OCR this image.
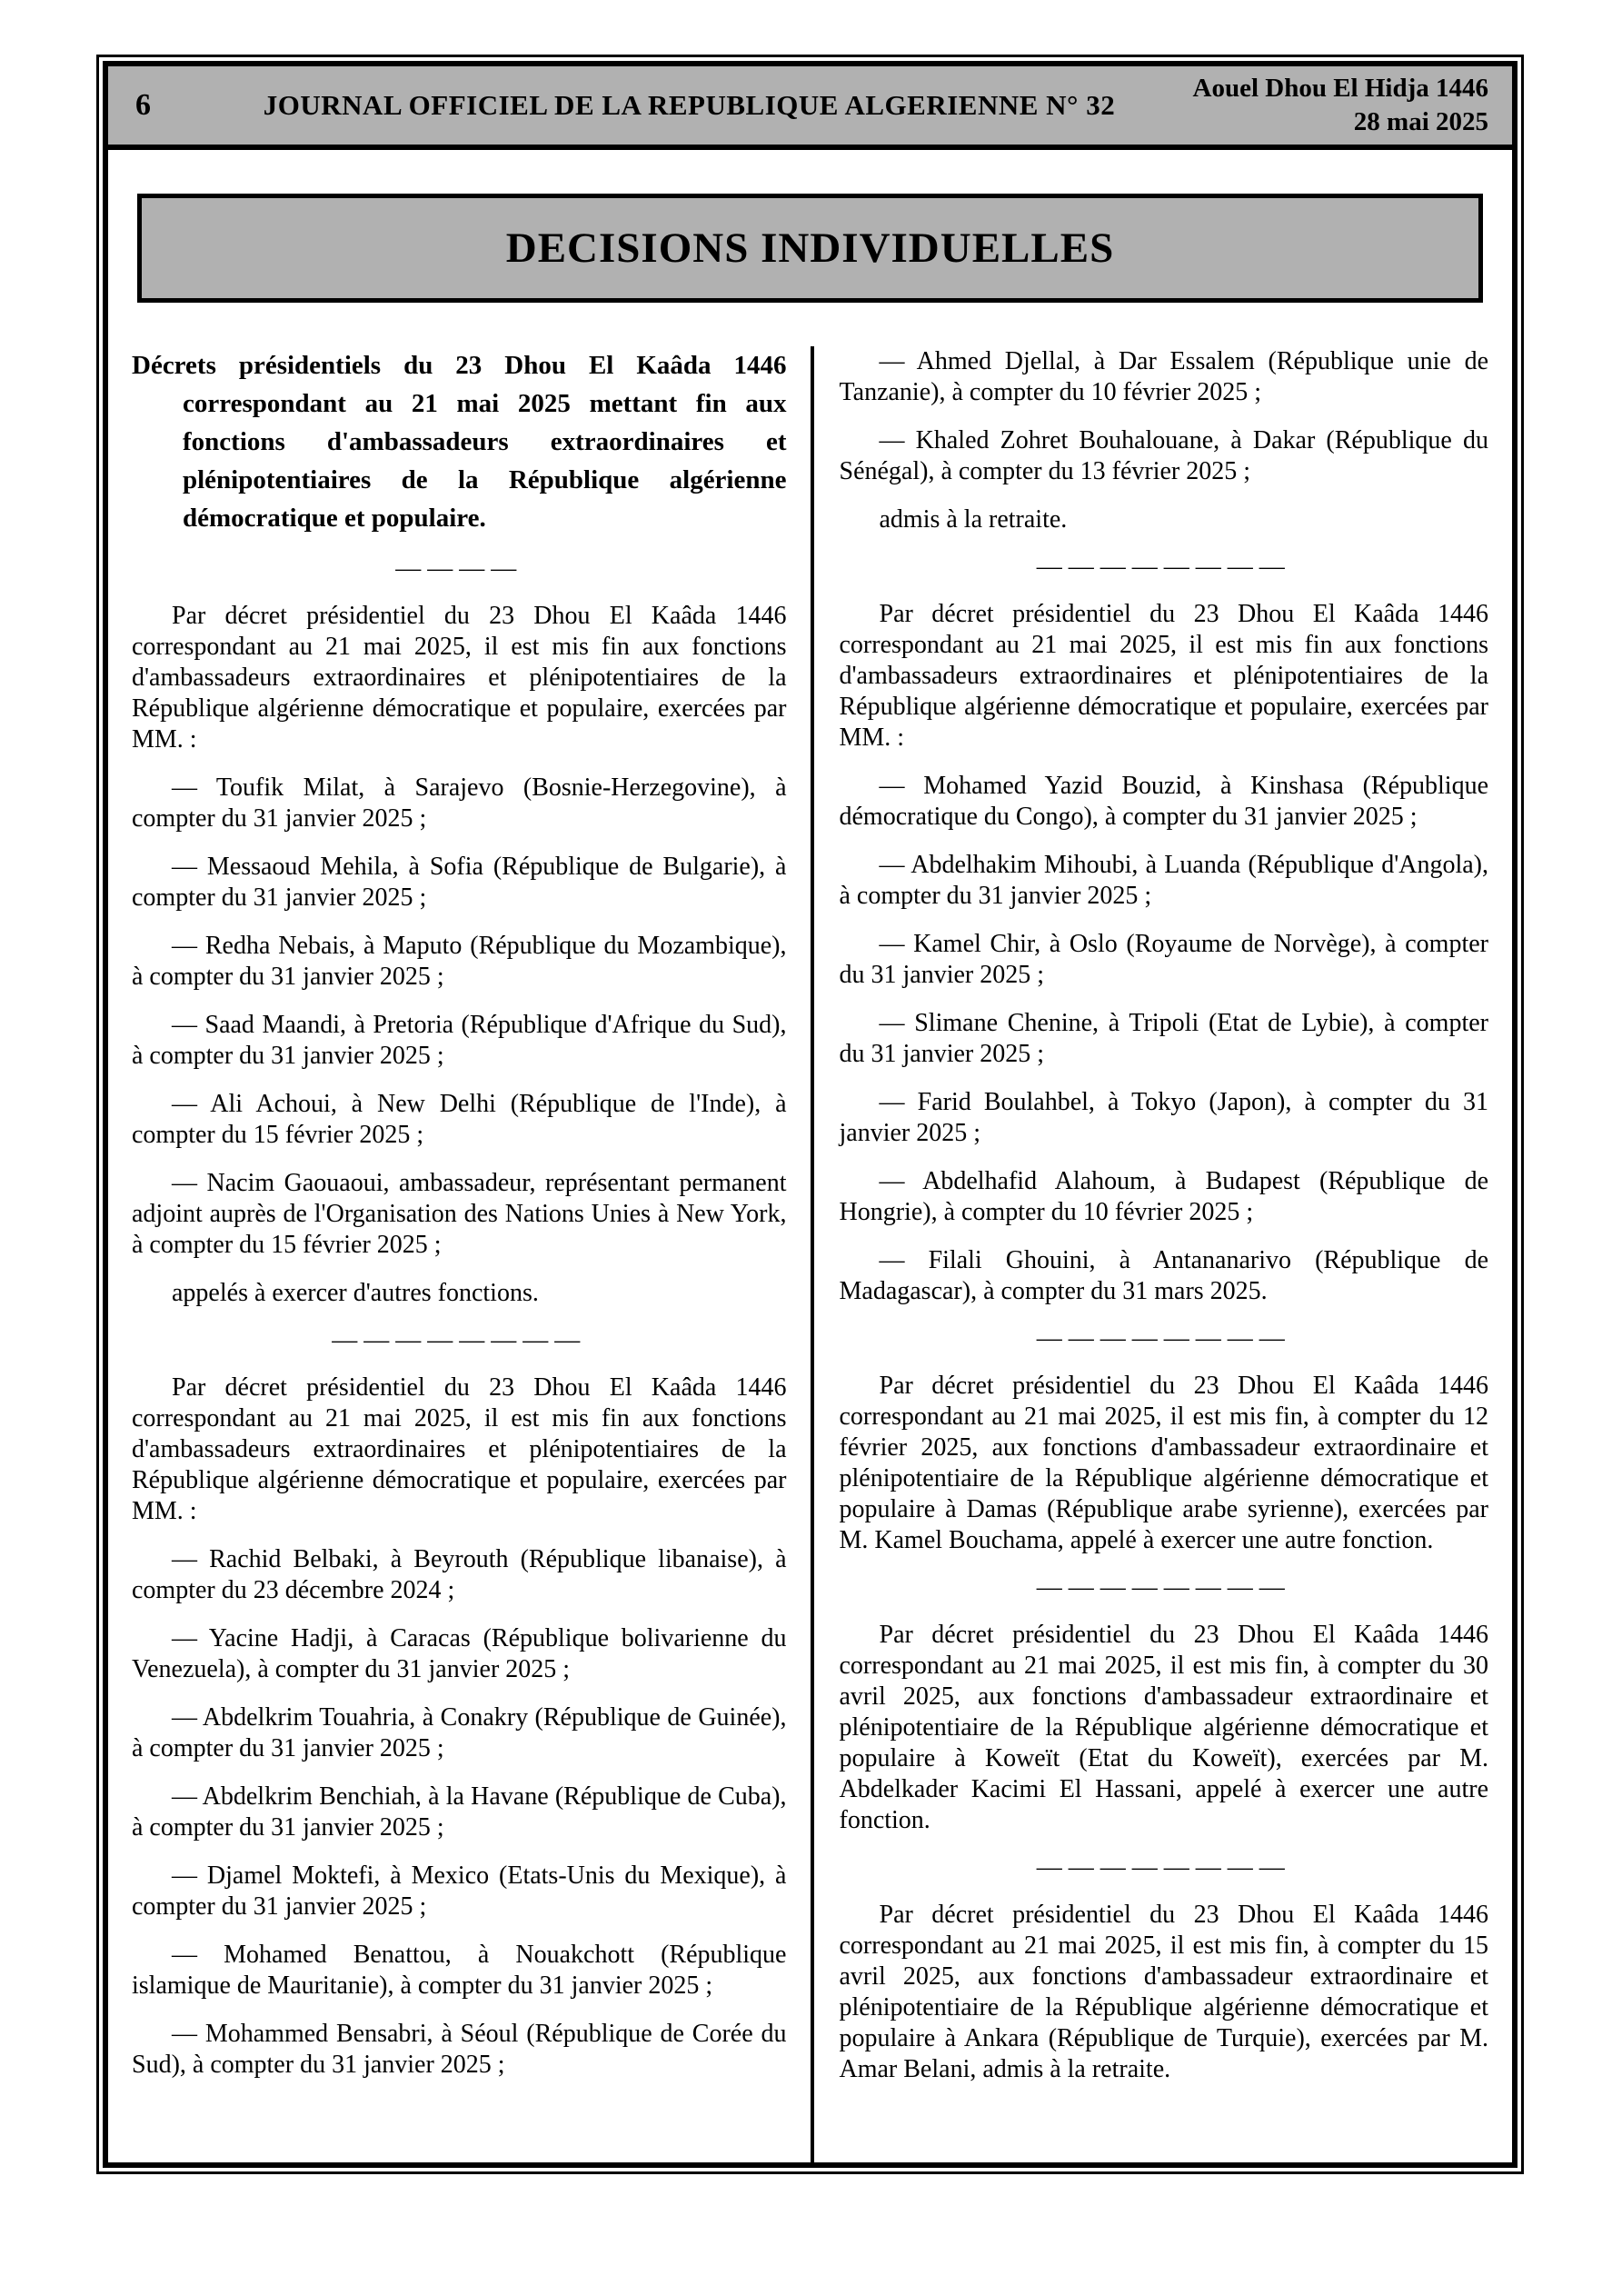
6	JOURNAL OFFICIEL DE LA REPUBLIQUE ALGERIENNE N° 32
Aouel Dhou El Hidja 1446
28 mai 2025
DECISIONS INDIVIDUELLES

Décrets présidentiels du 23 Dhou El Kaâda 1446 correspondant au 21 mai 2025 mettant fin aux fonctions d'ambassadeurs extraordinaires et plénipotentiaires de la République algérienne démocratique et populaire.

————

Par décret présidentiel du 23 Dhou El Kaâda 1446 correspondant au 21 mai 2025, il est mis fin aux fonctions d'ambassadeurs extraordinaires et plénipotentiaires de la République algérienne démocratique et populaire, exercées par MM. :

— Toufik Milat, à Sarajevo (Bosnie-Herzegovine), à compter du 31 janvier 2025 ;

— Messaoud Mehila, à Sofia (République de Bulgarie), à compter du 31 janvier 2025 ;

— Redha Nebais, à Maputo (République du Mozambique), à compter du 31 janvier 2025 ;

— Saad Maandi, à Pretoria (République d'Afrique du Sud), à compter du 31 janvier 2025 ;

— Ali Achoui, à New Delhi (République de l'Inde), à compter du 15 février 2025 ;

— Nacim Gaouaoui, ambassadeur, représentant permanent adjoint auprès de l'Organisation des Nations Unies à New York, à compter du 15 février 2025 ;

appelés à exercer d'autres fonctions.

————————

Par décret présidentiel du 23 Dhou El Kaâda 1446 correspondant au 21 mai 2025, il est mis fin aux fonctions d'ambassadeurs extraordinaires et plénipotentiaires de la République algérienne démocratique et populaire, exercées par MM. :

— Rachid Belbaki, à Beyrouth (République libanaise), à compter du 23 décembre 2024 ;

— Yacine Hadji, à Caracas (République bolivarienne du Venezuela), à compter du 31 janvier 2025 ;

— Abdelkrim Touahria, à Conakry (République de Guinée), à compter du 31 janvier 2025 ;

— Abdelkrim Benchiah, à la Havane (République de Cuba), à compter du 31 janvier 2025 ;

— Djamel Moktefi, à Mexico (Etats-Unis du Mexique), à compter du 31 janvier 2025 ;

— Mohamed Benattou, à Nouakchott (République islamique de Mauritanie), à compter du 31 janvier 2025 ;

— Mohammed Bensabri, à Séoul (République de Corée du Sud), à compter du 31 janvier 2025 ;

— Ahmed Djellal, à Dar Essalem (République unie de Tanzanie), à compter du 10 février 2025 ;

— Khaled Zohret Bouhalouane, à Dakar (République du Sénégal), à compter du 13 février 2025 ;

admis à la retraite.

————————

Par décret présidentiel du 23 Dhou El Kaâda 1446 correspondant au 21 mai 2025, il est mis fin aux fonctions d'ambassadeurs extraordinaires et plénipotentiaires de la République algérienne démocratique et populaire, exercées par MM. :

— Mohamed Yazid Bouzid, à Kinshasa (République démocratique du Congo), à compter du 31 janvier 2025 ;

— Abdelhakim Mihoubi, à Luanda (République d'Angola), à compter du 31 janvier 2025 ;

— Kamel Chir, à Oslo (Royaume de Norvège), à compter du 31 janvier 2025 ;

— Slimane Chenine, à Tripoli (Etat de Lybie), à compter du 31 janvier 2025 ;

— Farid Boulahbel, à Tokyo (Japon), à compter du 31 janvier 2025 ;

— Abdelhafid Alahoum, à Budapest (République de Hongrie), à compter du 10 février 2025 ;

— Filali Ghouini, à Antananarivo (République de Madagascar), à compter du 31 mars 2025.

————————

Par décret présidentiel du 23 Dhou El Kaâda 1446 correspondant au 21 mai 2025, il est mis fin, à compter du 12 février 2025, aux fonctions d'ambassadeur extraordinaire et plénipotentiaire de la République algérienne démocratique et populaire à Damas (République arabe syrienne), exercées par M. Kamel Bouchama, appelé à exercer une autre fonction.

————————

Par décret présidentiel du 23 Dhou El Kaâda 1446 correspondant au 21 mai 2025, il est mis fin, à compter du 30 avril 2025, aux fonctions d'ambassadeur extraordinaire et plénipotentiaire de la République algérienne démocratique et populaire à Koweït (Etat du Koweït), exercées par M. Abdelkader Kacimi El Hassani, appelé à exercer une autre fonction.

————————

Par décret présidentiel du 23 Dhou El Kaâda 1446 correspondant au 21 mai 2025, il est mis fin, à compter du 15 avril 2025, aux fonctions d'ambassadeur extraordinaire et plénipotentiaire de la République algérienne démocratique et populaire à Ankara (République de Turquie), exercées par M. Amar Belani, admis à la retraite.
